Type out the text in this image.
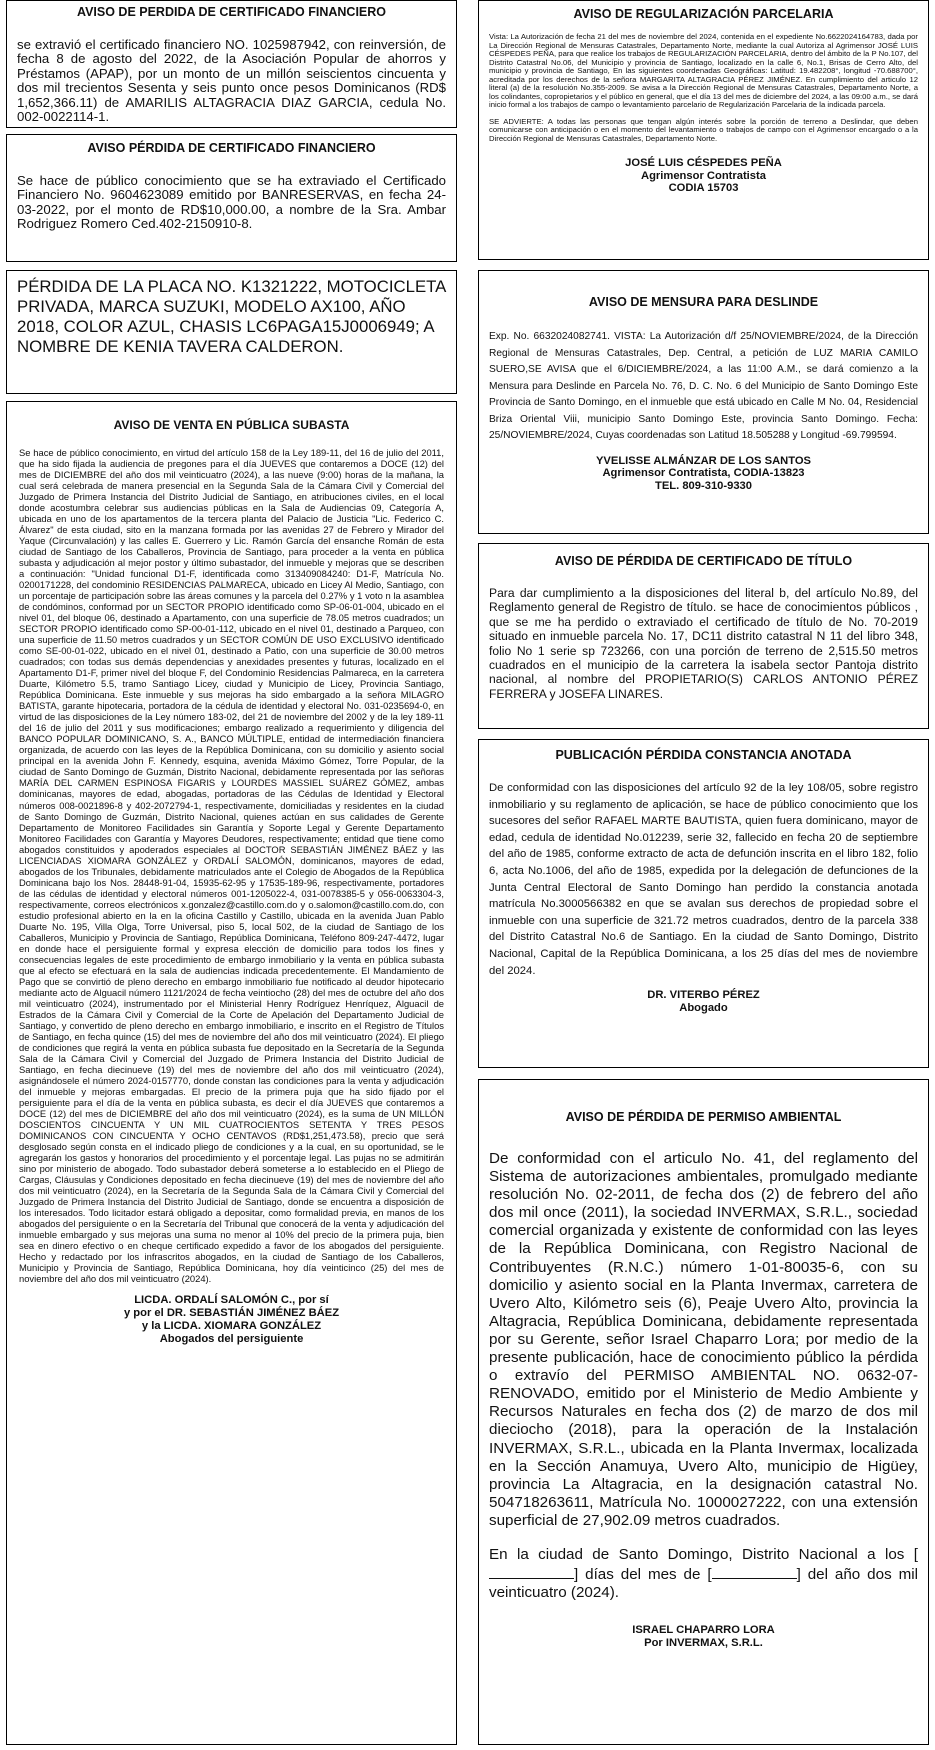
AVISO DE PERDIDA DE CERTIFICADO FINANCIERO

se extravió el certificado financiero NO. 1025987942, con reinversión, de fecha 8 de agosto del 2022, de la Asociación Popular de ahorros y Préstamos (APAP), por un monto de un millón seiscientos cincuenta y dos mil trecientos Sesenta y seis punto once pesos Dominicanos (RD$ 1,652,366.11) de AMARILIS ALTAGRACIA DIAZ GARCIA, cedula No. 002-0022114-1.

AVISO PÉRDIDA DE CERTIFICADO FINANCIERO

Se hace de público conocimiento que se ha extraviado el Certificado Financiero No. 9604623089 emitido por BANRESERVAS, en fecha 24-03-2022, por el monto de RD$10,000.00, a nombre de la Sra. Ambar Rodriguez Romero Ced.402-2150910-8.

PÉRDIDA DE LA PLACA NO. K1321222, MOTOCICLETA PRIVADA, MARCA SUZUKI, MODELO AX100, AÑO 2018, COLOR AZUL, CHASIS LC6PAGA15J0006949; A NOMBRE DE KENIA TAVERA CALDERON.

AVISO DE VENTA EN PÚBLICA SUBASTA

Se hace de público conocimiento, en virtud del artículo 158 de la Ley 189-11, del 16 de julio del 2011, que ha sido fijada la audiencia de pregones para el día JUEVES que contaremos a DOCE (12) del mes de DICIEMBRE del año dos mil veinticuatro (2024), a las nueve (9:00) horas de la mañana, la cual será celebrada de manera presencial en la Segunda Sala de la Cámara Civil y Comercial del Juzgado de Primera Instancia del Distrito Judicial de Santiago, en atribuciones civiles, en el local donde acostumbra celebrar sus audiencias públicas en la Sala de Audiencias 09, Categoría A, ubicada en uno de los apartamentos de la tercera planta del Palacio de Justicia "Lic. Federico C. Álvarez" de esta ciudad, sito en la manzana formada por las avenidas 27 de Febrero y Mirador del Yaque (Circunvalación) y las calles E. Guerrero y Lic. Ramón García del ensanche Román de esta ciudad de Santiago de los Caballeros, Provincia de Santiago, para proceder a la venta en pública subasta y adjudicación al mejor postor y último subastador, del inmueble y mejoras que se describen a continuación: "Unidad funcional D1-F, identificada como 313409084240: D1-F, Matrícula No. 0200171228, del condominio RESIDENCIAS PALMARECA, ubicado en Licey Al Medio, Santiago, con un porcentaje de participación sobre las áreas comunes y la parcela del 0.27% y 1 voto n la asamblea de condóminos, conformad por un SECTOR PROPIO identificado como SP-06-01-004, ubicado en el nivel 01, del bloque 06, destinado a Apartamento, con una superficie de 78.05 metros cuadrados; un SECTOR PROPIO identificado como SP-00-01-112, ubicado en el nivel 01, destinado a Parqueo, con una superficie de 11.50 metros cuadrados y un SECTOR COMÚN DE USO EXCLUSIVO identificado como SE-00-01-022, ubicado en el nivel 01, destinado a Patio, con una superficie de 30.00 metros cuadrados; con todas sus demás dependencias y anexidades presentes y futuras, localizado en el Apartamento D1-F, primer nivel del bloque F, del Condominio Residencias Palmareca, en la carretera Duarte, Kilómetro 5.5, tramo Santiago Licey, ciudad y Municipio de Licey, Provincia Santiago, República Dominicana. Este inmueble y sus mejoras ha sido embargado a la señora MILAGRO BATISTA, garante hipotecaria, portadora de la cédula de identidad y electoral No. 031-0235694-0, en virtud de las disposiciones de la Ley número 183-02, del 21 de noviembre del 2002 y de la ley 189-11 del 16 de julio del 2011 y sus modificaciones; embargo realizado a requerimiento y diligencia del BANCO POPULAR DOMINICANO, S. A., BANCO MÚLTIPLE, entidad de intermediación financiera organizada, de acuerdo con las leyes de la República Dominicana, con su domicilio y asiento social principal en la avenida John F. Kennedy, esquina, avenida Máximo Gómez, Torre Popular, de la ciudad de Santo Domingo de Guzmán, Distrito Nacional, debidamente representada por las señoras MARÍA DEL CARMEN ESPINOSA FIGARIS y LOURDES MASSIEL SUÁREZ GÓMEZ, ambas dominicanas, mayores de edad, abogadas, portadoras de las Cédulas de Identidad y Electoral números 008-0021896-8 y 402-2072794-1, respectivamente, domiciliadas y residentes en la ciudad de Santo Domingo de Guzmán, Distrito Nacional, quienes actúan en sus calidades de Gerente Departamento de Monitoreo Facilidades sin Garantía y Soporte Legal y Gerente Departamento Monitoreo Facilidades con Garantía y Mayores Deudores, respectivamente; entidad que tiene como abogados constituidos y apoderados especiales al DOCTOR SEBASTIÁN JIMÉNEZ BÁEZ y las LICENCIADAS XIOMARA GONZÁLEZ y ORDALÍ SALOMÓN, dominicanos, mayores de edad, abogados de los Tribunales, debidamente matriculados ante el Colegio de Abogados de la República Dominicana bajo los Nos. 28448-91-04, 15935-62-95 y 17535-189-96, respectivamente, portadores de las cédulas de identidad y electoral números 001-1205022-4, 031-0078385-5 y 056-0063304-3, respectivamente, correos electrónicos x.gonzalez@castillo.com.do y o.salomon@castillo.com.do, con estudio profesional abierto en la en la oficina Castillo y Castillo, ubicada en la avenida Juan Pablo Duarte No. 195, Villa Olga, Torre Universal, piso 5, local 502, de la ciudad de Santiago de los Caballeros, Municipio y Provincia de Santiago, República Dominicana, Teléfono 809-247-4472, lugar en donde hace el persiguiente formal y expresa elección de domicilio para todos los fines y consecuencias legales de este procedimiento de embargo inmobiliario y la venta en pública subasta que al efecto se efectuará en la sala de audiencias indicada precedentemente. El Mandamiento de Pago que se convirtió de pleno derecho en embargo inmobiliario fue notificado al deudor hipotecario mediante acto de Alguacil número 1121/2024 de fecha veintiocho (28) del mes de octubre del año dos mil veinticuatro (2024), instrumentado por el Ministerial Henry Rodríguez Henríquez, Alguacil de Estrados de la Cámara Civil y Comercial de la Corte de Apelación del Departamento Judicial de Santiago, y convertido de pleno derecho en embargo inmobiliario, e inscrito en el Registro de Títulos de Santiago, en fecha quince (15) del mes de noviembre del año dos mil veinticuatro (2024). El pliego de condiciones que regirá la venta en pública subasta fue depositado en la Secretaría de la Segunda Sala de la Cámara Civil y Comercial del Juzgado de Primera Instancia del Distrito Judicial de Santiago, en fecha diecinueve (19) del mes de noviembre del año dos mil veinticuatro (2024), asignándosele el número 2024-0157770, donde constan las condiciones para la venta y adjudicación del inmueble y mejoras embargadas. El precio de la primera puja que ha sido fijado por el persiguiente para el día de la venta en pública subasta, es decir el día JUEVES que contaremos a DOCE (12) del mes de DICIEMBRE del año dos mil veinticuatro (2024), es la suma de UN MILLÓN DOSCIENTOS CINCUENTA Y UN MIL CUATROCIENTOS SETENTA Y TRES PESOS DOMINICANOS CON CINCUENTA Y OCHO CENTAVOS (RD$1,251,473.58), precio que será desglosado según consta en el indicado pliego de condiciones y a la cual, en su oportunidad, se le agregarán los gastos y honorarios del procedimiento y el porcentaje legal. Las pujas no se admitirán sino por ministerio de abogado. Todo subastador deberá someterse a lo establecido en el Pliego de Cargas, Cláusulas y Condiciones depositado en fecha diecinueve (19) del mes de noviembre del año dos mil veinticuatro (2024), en la Secretaría de la Segunda Sala de la Cámara Civil y Comercial del Juzgado de Primera Instancia del Distrito Judicial de Santiago, donde se encuentra a disposición de los interesados. Todo licitador estará obligado a depositar, como formalidad previa, en manos de los abogados del persiguiente o en la Secretaría del Tribunal que conocerá de la venta y adjudicación del inmueble embargado y sus mejoras una suma no menor al 10% del precio de la primera puja, bien sea en dinero efectivo o en cheque certificado expedido a favor de los abogados del persiguiente. Hecho y redactado por los infrascritos abogados, en la ciudad de Santiago de los Caballeros, Municipio y Provincia de Santiago, República Dominicana, hoy día veinticinco (25) del mes de noviembre del año dos mil veinticuatro (2024).

LICDA. ORDALÍ SALOMÓN C., por sí

y por el DR. SEBASTIÁN JIMÉNEZ BÁEZ

y la LICDA. XIOMARA GONZÁLEZ

Abogados del persiguiente

AVISO DE REGULARIZACIÓN PARCELARIA

Vista: La Autorización de fecha 21 del mes de noviembre del 2024, contenida en el expediente No.6622024164783, dada por La Dirección Regional de Mensuras Catastrales, Departamento Norte, mediante la cual Autoriza al Agrimensor JOSÉ LUIS CÉSPEDES PEÑA, para que realice los trabajos de REGULARIZACIÓN PARCELARIA, dentro del ámbito de la P No.107, del Distrito Catastral No.06, del Municipio y provincia de Santiago, localizado en la calle 6, No.1, Brisas de Cerro Alto, del municipio y provincia de Santiago, En las siguientes coordenadas Geográficas: Latitud: 19.482208°, longitud -70.688700°, acreditada por los derechos de la señora MARGARITA ALTAGRACIA PÉREZ JIMÉNEZ. En cumplimiento del articulo 12 literal (a) de la resolución No.355-2009. Se avisa a la Dirección Regional de Mensuras Catastrales, Departamento Norte, a los colindantes, copropietarios y el público en general, que el día 13 del mes de diciembre del 2024, a las 09:00 a.m., se dará inicio formal a los trabajos de campo o levantamiento parcelario de Regularización Parcelaria de la indicada parcela.

SE ADVIERTE: A todas las personas que tengan algún interés sobre la porción de terreno a Deslindar, que deben comunicarse con anticipación o en el momento del levantamiento o trabajos de campo con el Agrimensor encargado o a la Dirección Regional de Mensuras Catastrales, Departamento Norte.

JOSÉ LUIS CÉSPEDES PEÑA

Agrimensor Contratista

CODIA 15703

AVISO DE MENSURA PARA DESLINDE

Exp. No. 6632024082741. VISTA: La Autorización d/f 25/NOVIEMBRE/2024, de la Dirección Regional de Mensuras Catastrales, Dep. Central, a petición de LUZ MARIA CAMILO SUERO,SE AVISA que el 6/DICIEMBRE/2024, a las 11:00 A.M., se dará comienzo a la Mensura para Deslinde en Parcela No. 76, D. C. No. 6 del Municipio de Santo Domingo Este Provincia de Santo Domingo, en el inmueble que está ubicado en Calle M No. 04, Residencial Briza Oriental Viii, municipio Santo Domingo Este, provincia Santo Domingo. Fecha: 25/NOVIEMBRE/2024, Cuyas coordenadas son Latitud 18.505288 y Longitud -69.799594.

YVELISSE ALMÁNZAR DE LOS SANTOS

Agrimensor Contratista, CODIA-13823

TEL. 809-310-9330

AVISO DE PÉRDIDA DE CERTIFICADO DE TÍTULO

Para dar cumplimiento a la disposiciones del literal b, del artículo No.89, del Reglamento general de Registro de título. se hace de conocimientos públicos , que se me ha perdido o extraviado el certificado de título de No. 70-2019 situado en inmueble parcela No. 17, DC11 distrito catastral N 11 del libro 348, folio No 1 serie sp 723266, con una porción de terreno de 2,515.50 metros cuadrados en el municipio de la carretera la isabela sector Pantoja distrito nacional, al nombre del PROPIETARIO(S) CARLOS ANTONIO PÉREZ FERRERA y JOSEFA LINARES.

PUBLICACIÓN PÉRDIDA CONSTANCIA ANOTADA

De conformidad con las disposiciones del artículo 92 de la ley 108/05, sobre registro inmobiliario y su reglamento de aplicación, se hace de público conocimiento que los sucesores del señor RAFAEL MARTE BAUTISTA, quien fuera dominicano, mayor de edad, cedula de identidad No.012239, serie 32, fallecido en fecha 20 de septiembre del año de 1985, conforme extracto de acta de defunción inscrita en el libro 182, folio 6, acta No.1006, del año de 1985, expedida por la delegación de defunciones de la Junta Central Electoral de Santo Domingo han perdido la constancia anotada matrícula No.3000566382 en que se avalan sus derechos de propiedad sobre el inmueble con una superficie de 321.72 metros cuadrados, dentro de la parcela 338 del Distrito Catastral No.6 de Santiago. En la ciudad de Santo Domingo, Distrito Nacional, Capital de la República Dominicana, a los 25 días del mes de noviembre del 2024.

DR. VITERBO PÉREZ

Abogado

AVISO DE PÉRDIDA DE PERMISO AMBIENTAL

De conformidad con el articulo No. 41, del reglamento del Sistema de autorizaciones ambientales, promulgado mediante resolución No. 02-2011, de fecha dos (2) de febrero del año dos mil once (2011), la sociedad INVERMAX, S.R.L., sociedad comercial organizada y existente de conformidad con las leyes de la República Dominicana, con Registro Nacional de Contribuyentes (R.N.C.) número 1-01-80035-6, con su domicilio y asiento social en la Planta Invermax, carretera de Uvero Alto, Kilómetro seis (6), Peaje Uvero Alto, provincia la Altagracia, República Dominicana, debidamente representada por su Gerente, señor Israel Chaparro Lora; por medio de la presente publicación, hace de conocimiento público la pérdida o extravío del PERMISO AMBIENTAL NO. 0632-07-RENOVADO, emitido por el Ministerio de Medio Ambiente y Recursos Naturales en fecha dos (2) de marzo de dos mil dieciocho (2018), para la operación de la Instalación INVERMAX, S.R.L., ubicada en la Planta Invermax, localizada en la Sección Anamuya, Uvero Alto, municipio de Higüey, provincia La Altagracia, en la designación catastral No. 504718263611, Matrícula No. 1000027222, con una extensión superficial de 27,902.09 metros cuadrados.

En la ciudad de Santo Domingo, Distrito Nacional a los [] días del mes de [	] del año dos mil veinticuatro (2024).

ISRAEL CHAPARRO LORA

Por INVERMAX, S.R.L.
